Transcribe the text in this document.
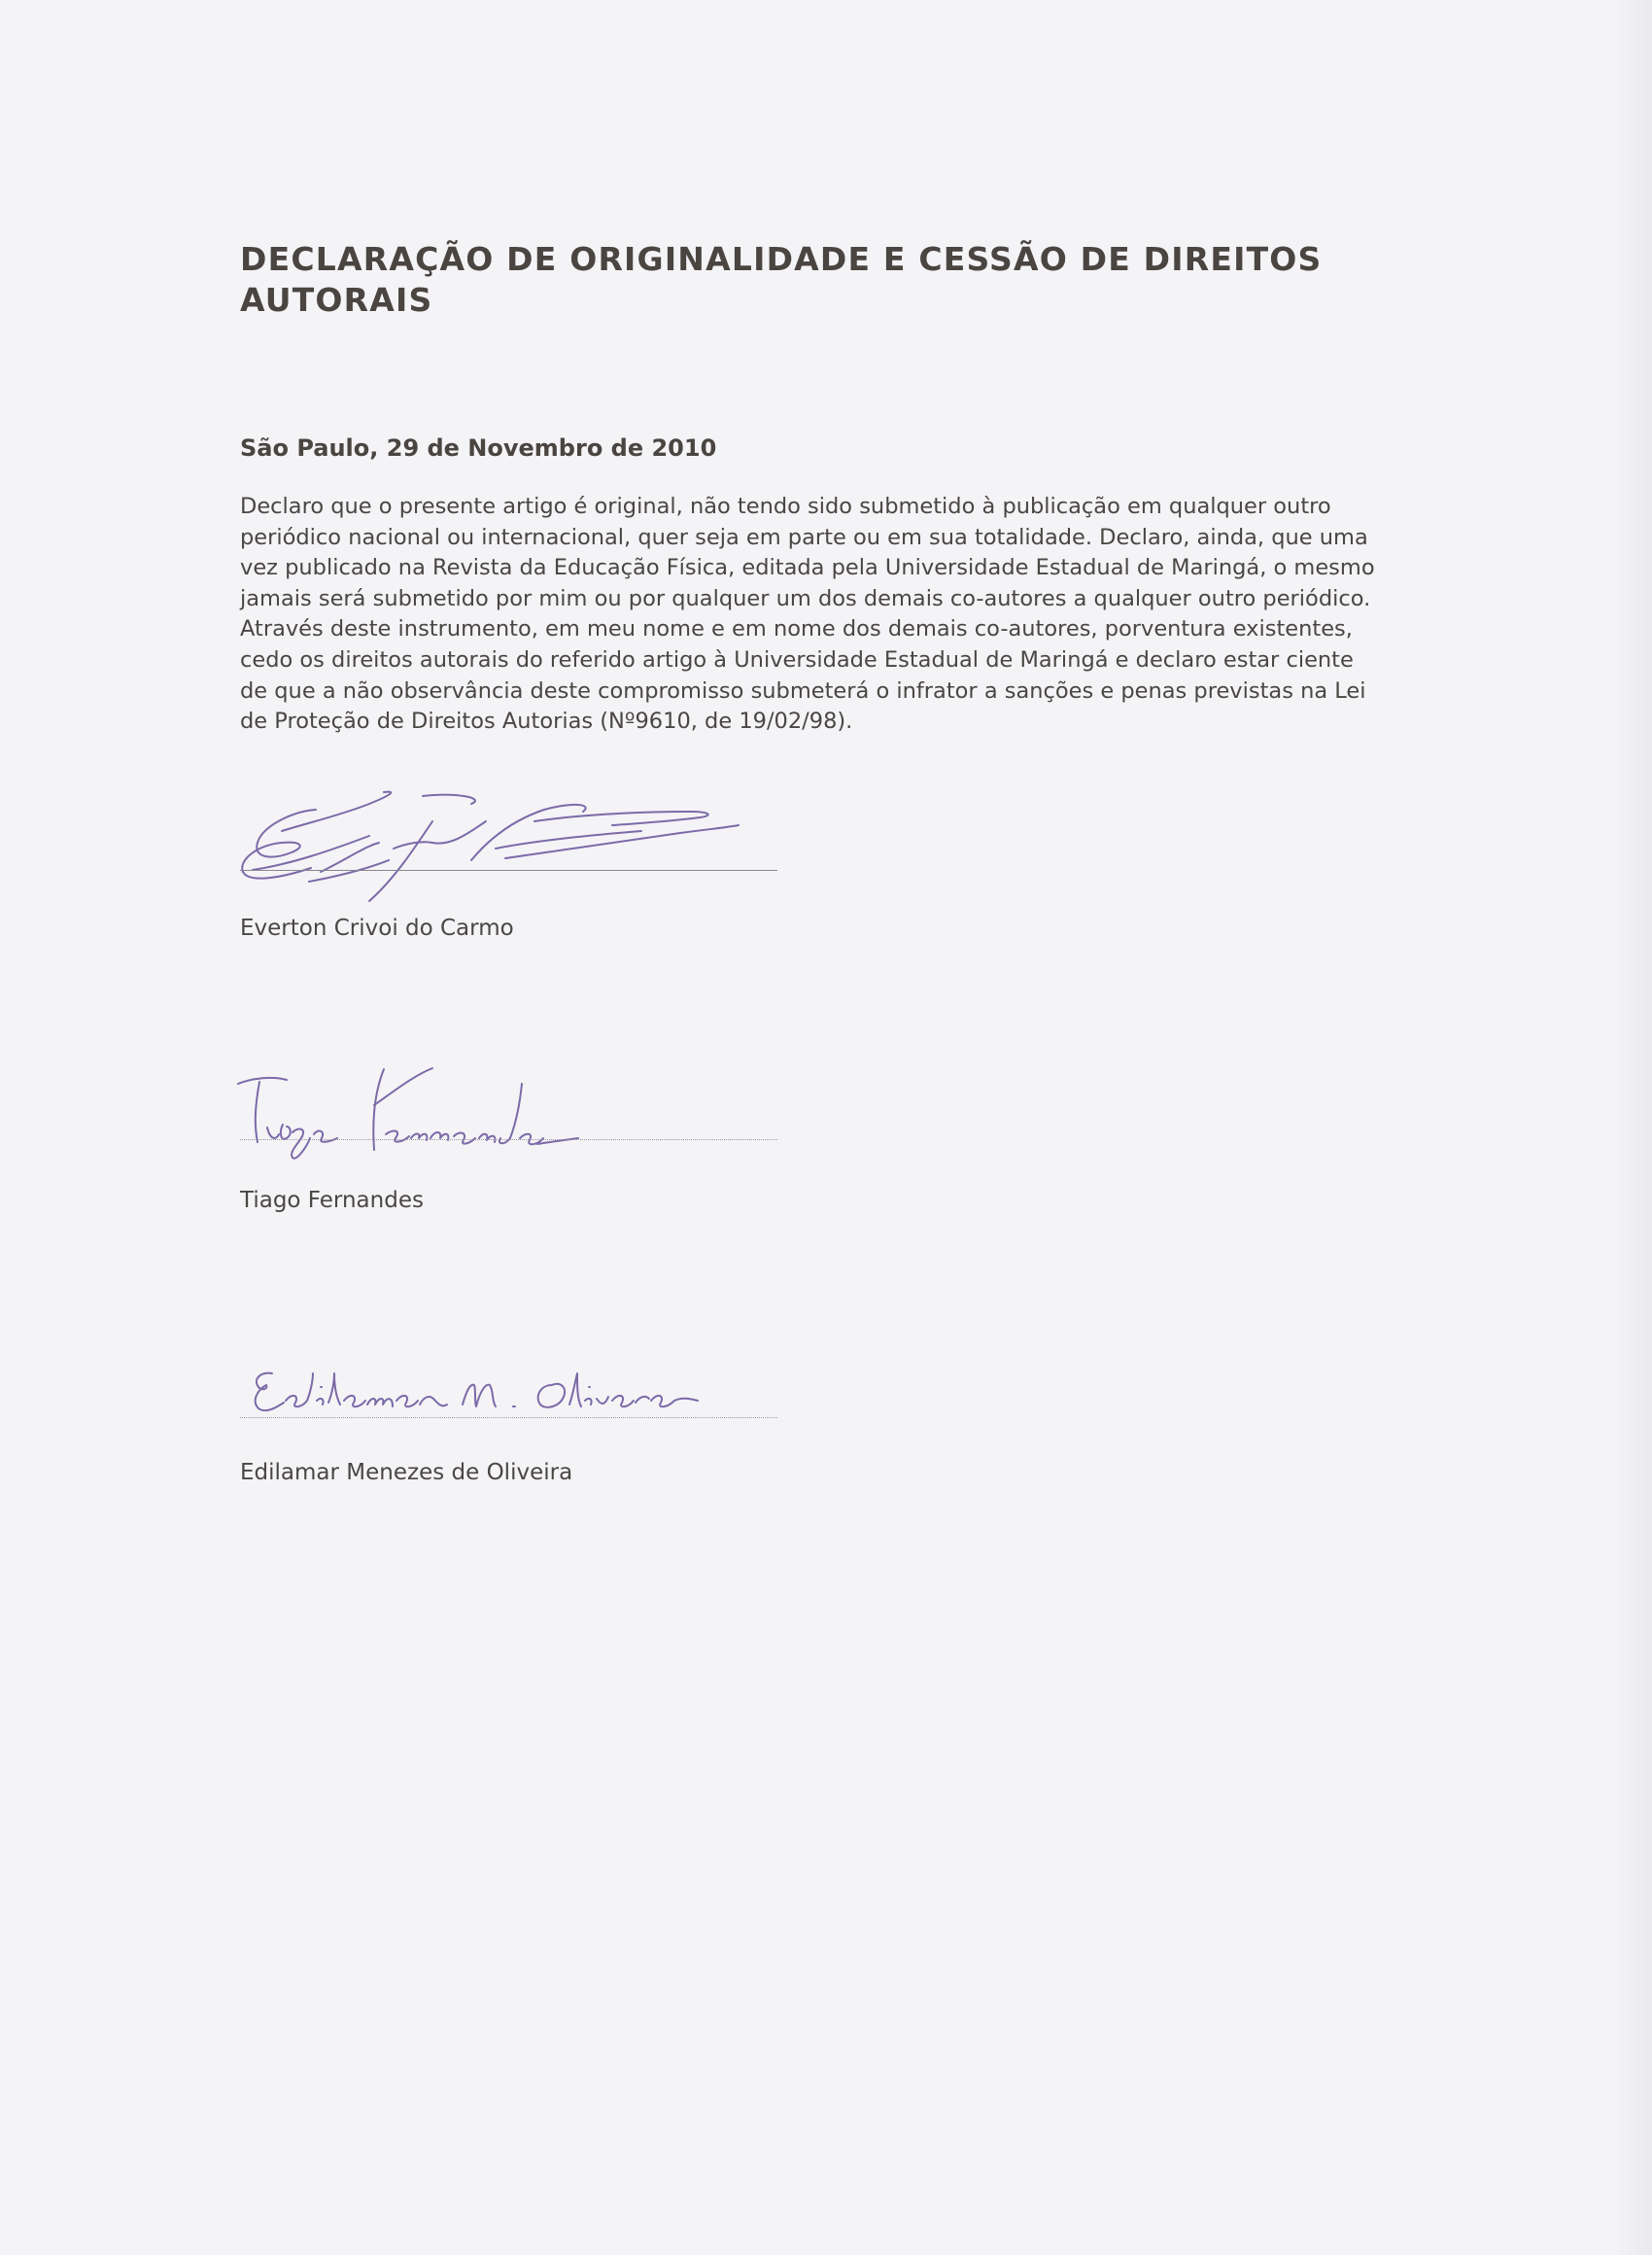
DECLARAÇÃO DE ORIGINALIDADE E CESSÃO DE DIREITOS AUTORAIS

São Paulo, 29 de Novembro de 2010

Declaro que o presente artigo é original, não tendo sido submetido à publicação em qualquer outro periódico nacional ou internacional, quer seja em parte ou em sua totalidade. Declaro, ainda, que uma vez publicado na Revista da Educação Física, editada pela Universidade Estadual de Maringá, o mesmo jamais será submetido por mim ou por qualquer um dos demais co-autores a qualquer outro periódico. Através deste instrumento, em meu nome e em nome dos demais co-autores, porventura existentes, cedo os direitos autorais do referido artigo à Universidade Estadual de Maringá e declaro estar ciente de que a não observância deste compromisso submeterá o infrator a sanções e penas previstas na Lei de Proteção de Direitos Autorias (Nº9610, de 19/02/98).

Everton Crivoi do Carmo

Tiago Fernandes

Edilamar Menezes de Oliveira
